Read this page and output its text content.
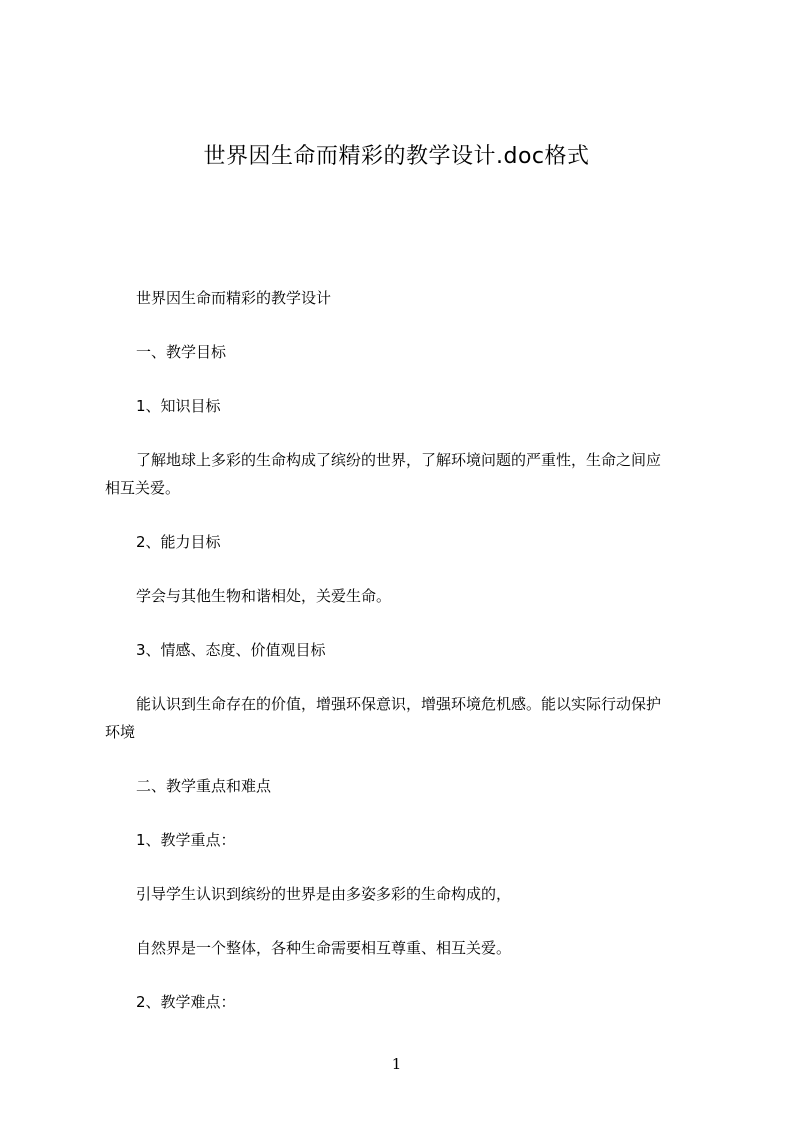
世界因生命而精彩的教学设计.doc格式

世界因生命而精彩的教学设计

一、教学目标

1、知识目标

了解地球上多彩的生命构成了缤纷的世界，了解环境问题的严重性，生命之间应
相互关爱。

2、能力目标

学会与其他生物和谐相处，关爱生命。

3、情感、态度、价值观目标

能认识到生命存在的价值，增强环保意识，增强环境危机感。能以实际行动保护
环境

二、教学重点和难点

1、教学重点：

引导学生认识到缤纷的世界是由多姿多彩的生命构成的，

自然界是一个整体，各种生命需要相互尊重、相互关爱。

2、教学难点：

1
